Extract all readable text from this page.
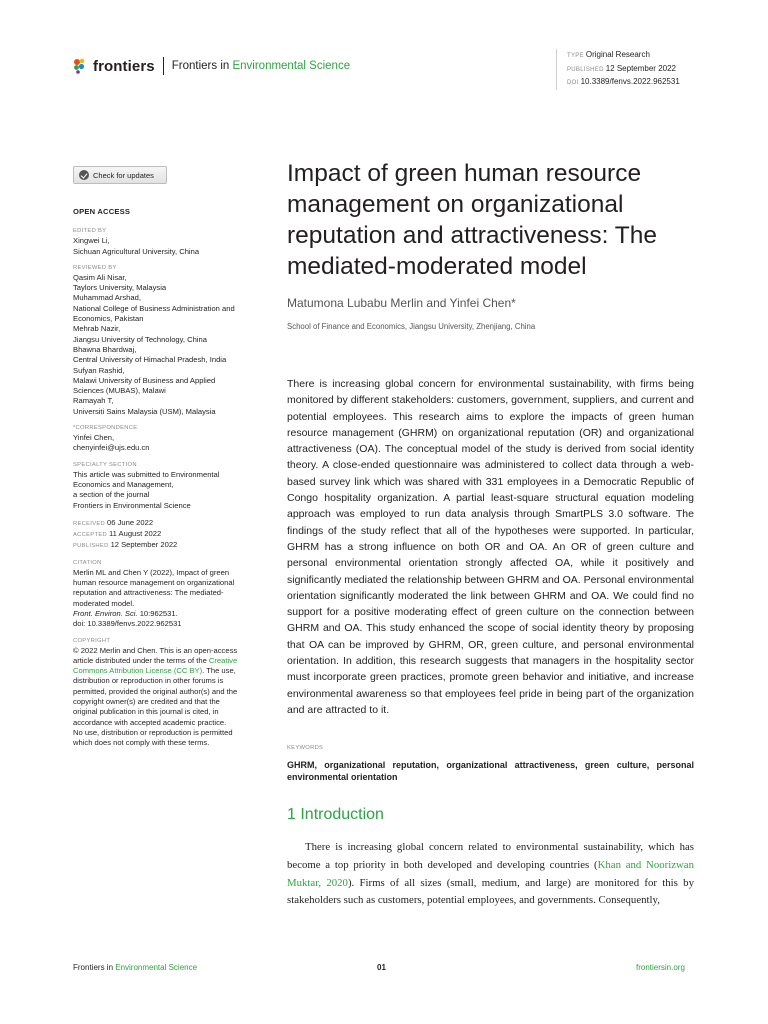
frontiers Frontiers in Environmental Science
TYPE Original Research
PUBLISHED 12 September 2022
DOI 10.3389/fenvs.2022.962531
Check for updates
OPEN ACCESS
EDITED BY
Xingwei Li,
Sichuan Agricultural University, China
REVIEWED BY
Qasim Ali Nisar,
Taylors University, Malaysia
Muhammad Arshad,
National College of Business Administration and Economics, Pakistan
Mehrab Nazir,
Jiangsu University of Technology, China
Bhawna Bhardwaj,
Central University of Himachal Pradesh, India
Sufyan Rashid,
Malawi University of Business and Applied Sciences (MUBAS), Malawi
Ramayah T,
Universiti Sains Malaysia (USM), Malaysia
*CORRESPONDENCE
Yinfei Chen,
chenyinfei@ujs.edu.cn
SPECIALTY SECTION
This article was submitted to Environmental Economics and Management,
a section of the journal
Frontiers in Environmental Science
RECEIVED 06 June 2022
ACCEPTED 11 August 2022
PUBLISHED 12 September 2022
CITATION
Merlin ML and Chen Y (2022), Impact of green human resource management on organizational reputation and attractiveness: The mediated-moderated model.
Front. Environ. Sci. 10:962531.
doi: 10.3389/fenvs.2022.962531
COPYRIGHT
© 2022 Merlin and Chen. This is an open-access article distributed under the terms of the Creative Commons Attribution License (CC BY). The use, distribution or reproduction in other forums is permitted, provided the original author(s) and the copyright owner(s) are credited and that the original publication in this journal is cited, in accordance with accepted academic practice. No use, distribution or reproduction is permitted which does not comply with these terms.
Impact of green human resource management on organizational reputation and attractiveness: The mediated-moderated model
Matumona Lubabu Merlin and Yinfei Chen*
School of Finance and Economics, Jiangsu University, Zhenjiang, China
There is increasing global concern for environmental sustainability, with firms being monitored by different stakeholders: customers, government, suppliers, and current and potential employees. This research aims to explore the impacts of green human resource management (GHRM) on organizational reputation (OR) and organizational attractiveness (OA). The conceptual model of the study is derived from social identity theory. A close-ended questionnaire was administered to collect data through a web-based survey link which was shared with 331 employees in a Democratic Republic of Congo hospitality organization. A partial least-square structural equation modeling approach was employed to run data analysis through SmartPLS 3.0 software. The findings of the study reflect that all of the hypotheses were supported. In particular, GHRM has a strong influence on both OR and OA. An OR of green culture and personal environmental orientation strongly affected OA, while it positively and significantly mediated the relationship between GHRM and OA. Personal environmental orientation significantly moderated the link between GHRM and OA. We could find no support for a positive moderating effect of green culture on the connection between GHRM and OA. This study enhanced the scope of social identity theory by proposing that OA can be improved by GHRM, OR, green culture, and personal environmental orientation. In addition, this research suggests that managers in the hospitality sector must incorporate green practices, promote green behavior and initiative, and increase environmental awareness so that employees feel pride in being part of the organization and are attracted to it.
KEYWORDS
GHRM, organizational reputation, organizational attractiveness, green culture, personal environmental orientation
1 Introduction
There is increasing global concern related to environmental sustainability, which has become a top priority in both developed and developing countries (Khan and Noorizwan Muktar, 2020). Firms of all sizes (small, medium, and large) are monitored for this by stakeholders such as customers, potential employees, and governments. Consequently,
Frontiers in Environmental Science	01	frontiersin.org
